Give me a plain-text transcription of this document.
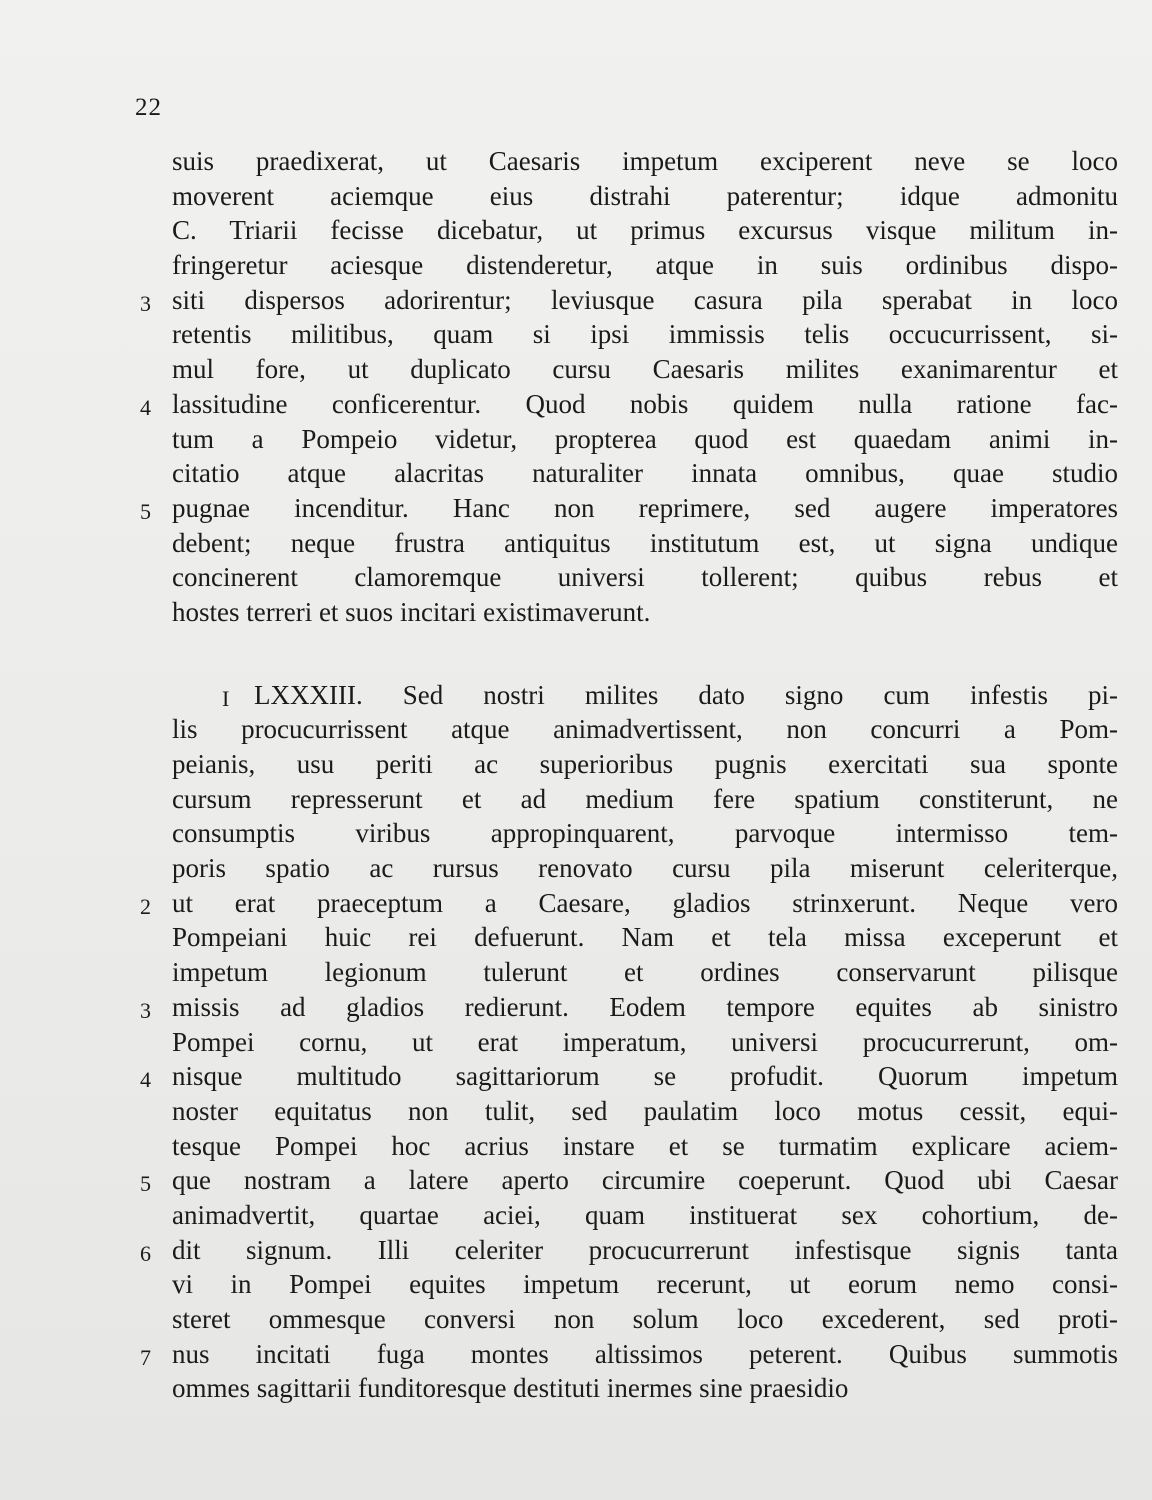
22
suis praedixerat, ut Caesaris impetum exciperent neve se loco
moverent aciemque eius distrahi paterentur; idque admonitu
C. Triarii fecisse dicebatur, ut primus excursus visque militum in-
fringeretur aciesque distenderetur, atque in suis ordinibus dispo-
siti dispersos adorirentur; leviusque casura pila sperabat in loco
3
retentis militibus, quam si ipsi immissis telis occucurrissent, si-
mul fore, ut duplicato cursu Caesaris milites exanimarentur et
lassitudine conficerentur. Quod nobis quidem nulla ratione fac-
4
tum a Pompeio videtur, propterea quod est quaedam animi in-
citatio atque alacritas naturaliter innata omnibus, quae studio
pugnae incenditur. Hanc non reprimere, sed augere imperatores
5
debent; neque frustra antiquitus institutum est, ut signa undique
concinerent clamoremque universi tollerent; quibus rebus et
hostes terreri et suos incitari existimaverunt.
LXXXIII. Sed nostri milites dato signo cum infestis pi-
I
lis procucurrissent atque animadvertissent, non concurri a Pom-
peianis, usu periti ac superioribus pugnis exercitati sua sponte
cursum represserunt et ad medium fere spatium constiterunt, ne
consumptis viribus appropinquarent, parvoque intermisso tem-
poris spatio ac rursus renovato cursu pila miserunt celeriterque,
ut erat praeceptum a Caesare, gladios strinxerunt. Neque vero
2
Pompeiani huic rei defuerunt. Nam et tela missa exceperunt et
impetum legionum tulerunt et ordines conservarunt pilisque
missis ad gladios redierunt. Eodem tempore equites ab sinistro
3
Pompei cornu, ut erat imperatum, universi procucurrerunt, om-
nisque multitudo sagittariorum se profudit. Quorum impetum
4
noster equitatus non tulit, sed paulatim loco motus cessit, equi-
tesque Pompei hoc acrius instare et se turmatim explicare aciem-
que nostram a latere aperto circumire coeperunt. Quod ubi Caesar
5
animadvertit, quartae aciei, quam instituerat sex cohortium, de-
dit signum. Illi celeriter procucurrerunt infestisque signis tanta
6
vi in Pompei equites impetum recerunt, ut eorum nemo consi-
steret ommesque conversi non solum loco excederent, sed proti-
nus incitati fuga montes altissimos peterent. Quibus summotis
7
ommes sagittarii funditoresque destituti inermes sine praesidio
